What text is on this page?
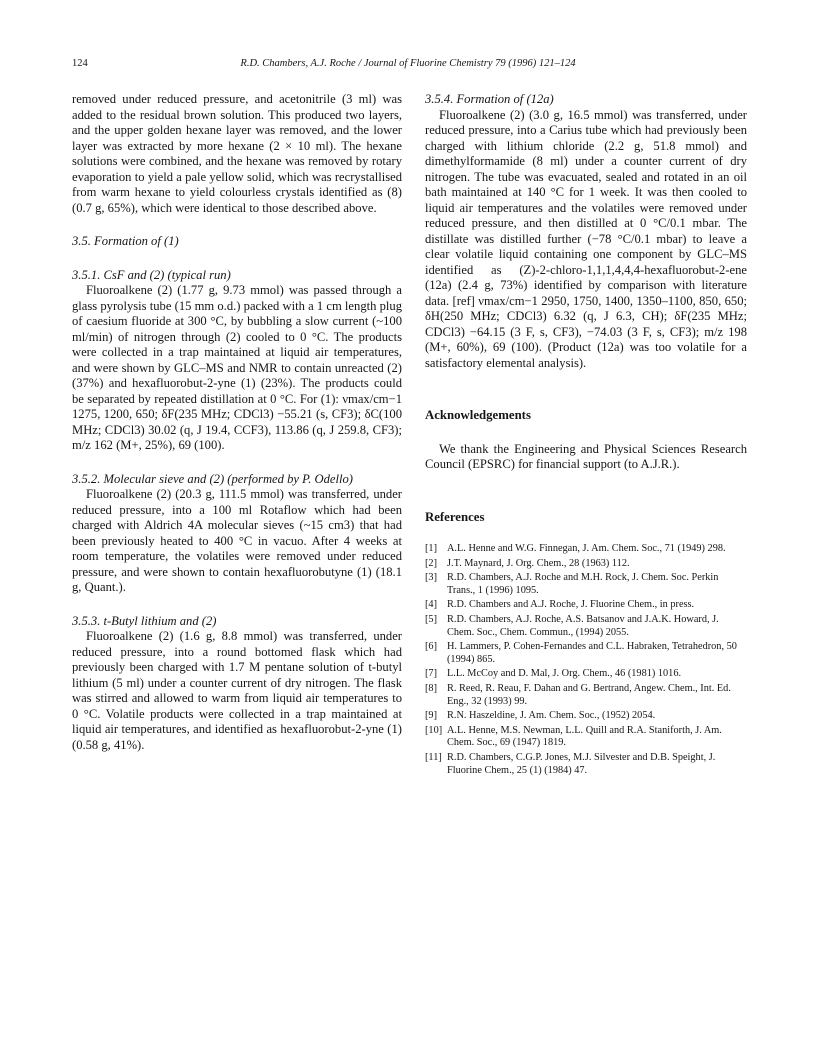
124	R.D. Chambers, A.J. Roche / Journal of Fluorine Chemistry 79 (1996) 121–124

removed under reduced pressure, and acetonitrile (3 ml) was added to the residual brown solution. This produced two layers, and the upper golden hexane layer was removed, and the lower layer was extracted by more hexane (2 × 10 ml). The hexane solutions were combined, and the hexane was removed by rotary evaporation to yield a pale yellow solid, which was recrystallised from warm hexane to yield colourless crystals identified as (8) (0.7 g, 65%), which were identical to those described above.

3.5. Formation of (1)

3.5.1. CsF and (2) (typical run)

Fluoroalkene (2) (1.77 g, 9.73 mmol) was passed through a glass pyrolysis tube (15 mm o.d.) packed with a 1 cm length plug of caesium fluoride at 300 °C, by bubbling a slow current (~100 ml/min) of nitrogen through (2) cooled to 0 °C. The products were collected in a trap maintained at liquid air temperatures, and were shown by GLC–MS and NMR to contain unreacted (2) (37%) and hexafluorobut-2-yne (1) (23%). The products could be separated by repeated distillation at 0 °C. For (1): νmax/cm−1 1275, 1200, 650; δF(235 MHz; CDCl3) −55.21 (s, CF3); δC(100 MHz; CDCl3) 30.02 (q, J 19.4, CCF3), 113.86 (q, J 259.8, CF3); m/z 162 (M+, 25%), 69 (100).

3.5.2. Molecular sieve and (2) (performed by P. Odello)

Fluoroalkene (2) (20.3 g, 111.5 mmol) was transferred, under reduced pressure, into a 100 ml Rotaflow which had been charged with Aldrich 4A molecular sieves (~15 cm3) that had been previously heated to 400 °C in vacuo. After 4 weeks at room temperature, the volatiles were removed under reduced pressure, and were shown to contain hexafluorobutyne (1) (18.1 g, Quant.).

3.5.3. t-Butyl lithium and (2)

Fluoroalkene (2) (1.6 g, 8.8 mmol) was transferred, under reduced pressure, into a round bottomed flask which had previously been charged with 1.7 M pentane solution of t-butyl lithium (5 ml) under a counter current of dry nitrogen. The flask was stirred and allowed to warm from liquid air temperatures to 0 °C. Volatile products were collected in a trap maintained at liquid air temperatures, and identified as hexafluorobut-2-yne (1) (0.58 g, 41%).

3.5.4. Formation of (12a)

Fluoroalkene (2) (3.0 g, 16.5 mmol) was transferred, under reduced pressure, into a Carius tube which had previously been charged with lithium chloride (2.2 g, 51.8 mmol) and dimethylformamide (8 ml) under a counter current of dry nitrogen. The tube was evacuated, sealed and rotated in an oil bath maintained at 140 °C for 1 week. It was then cooled to liquid air temperatures and the volatiles were removed under reduced pressure, and then distilled at 0 °C/0.1 mbar. The distillate was distilled further (−78 °C/0.1 mbar) to leave a clear volatile liquid containing one component by GLC–MS identified as (Z)-2-chloro-1,1,1,4,4,4-hexafluorobut-2-ene (12a) (2.4 g, 73%) identified by comparison with literature data. [ref] νmax/cm−1 2950, 1750, 1400, 1350–1100, 850, 650; δH(250 MHz; CDCl3) 6.32 (q, J 6.3, CH); δF(235 MHz; CDCl3) −64.15 (3 F, s, CF3), −74.03 (3 F, s, CF3); m/z 198 (M+, 60%), 69 (100). (Product (12a) was too volatile for a satisfactory elemental analysis).

Acknowledgements

We thank the Engineering and Physical Sciences Research Council (EPSRC) for financial support (to A.J.R.).

References

[1] A.L. Henne and W.G. Finnegan, J. Am. Chem. Soc., 71 (1949) 298.
[2] J.T. Maynard, J. Org. Chem., 28 (1963) 112.
[3] R.D. Chambers, A.J. Roche and M.H. Rock, J. Chem. Soc. Perkin Trans., 1 (1996) 1095.
[4] R.D. Chambers and A.J. Roche, J. Fluorine Chem., in press.
[5] R.D. Chambers, A.J. Roche, A.S. Batsanov and J.A.K. Howard, J. Chem. Soc., Chem. Commun., (1994) 2055.
[6] H. Lammers, P. Cohen-Fernandes and C.L. Habraken, Tetrahedron, 50 (1994) 865.
[7] L.L. McCoy and D. Mal, J. Org. Chem., 46 (1981) 1016.
[8] R. Reed, R. Reau, F. Dahan and G. Bertrand, Angew. Chem., Int. Ed. Eng., 32 (1993) 99.
[9] R.N. Haszeldine, J. Am. Chem. Soc., (1952) 2054.
[10] A.L. Henne, M.S. Newman, L.L. Quill and R.A. Staniforth, J. Am. Chem. Soc., 69 (1947) 1819.
[11] R.D. Chambers, C.G.P. Jones, M.J. Silvester and D.B. Speight, J. Fluorine Chem., 25 (1) (1984) 47.
